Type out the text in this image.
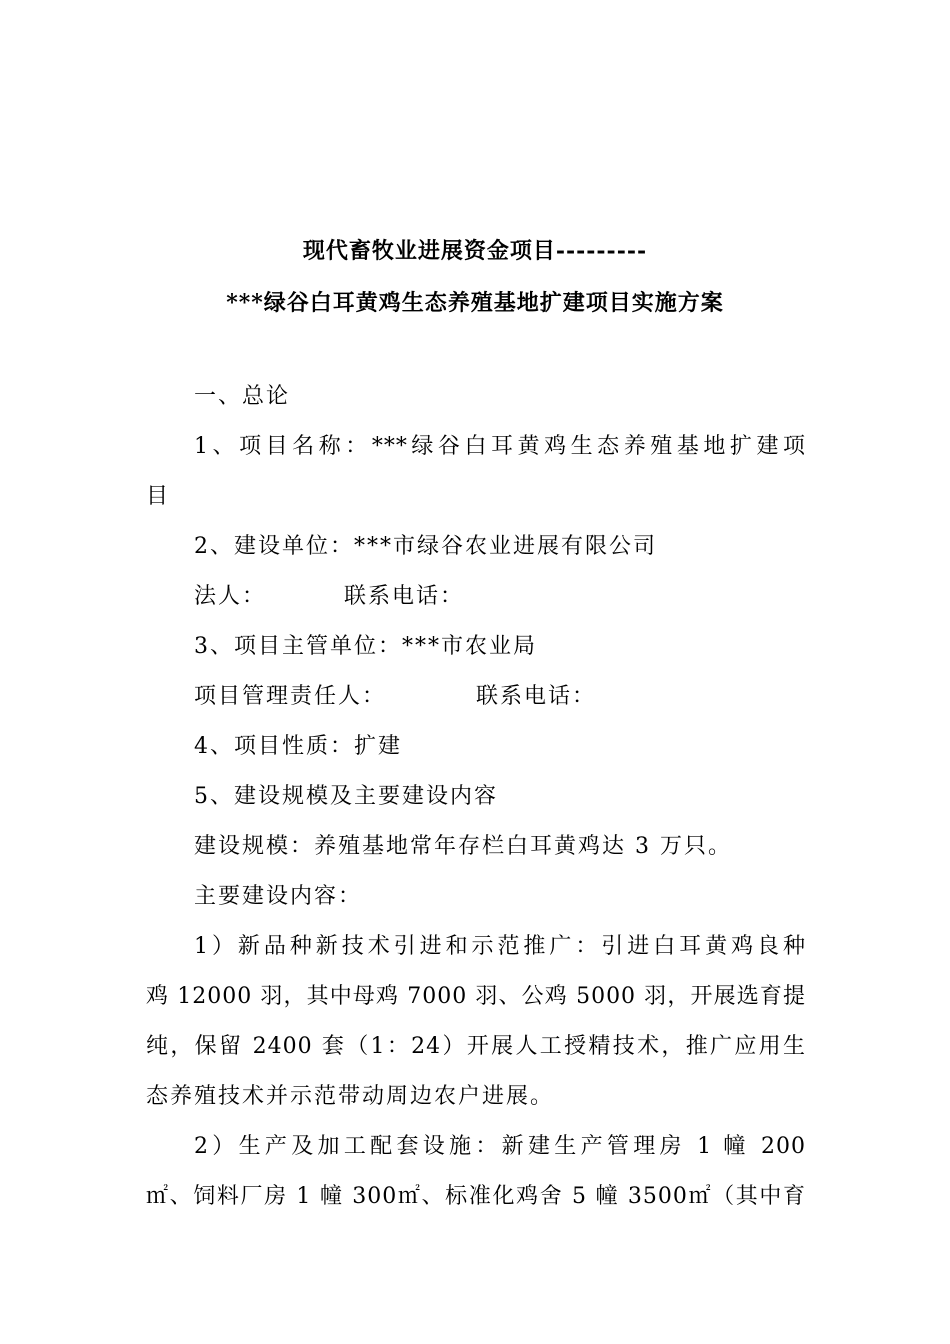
现代畜牧业进展资金项目---------
***绿谷白耳黄鸡生态养殖基地扩建项目实施方案
一、总论
1、项目名称：***绿谷白耳黄鸡生态养殖基地扩建项
目
2、建设单位：***市绿谷农业进展有限公司
法人：	联系电话：
3、项目主管单位：***市农业局
项目管理责任人：	联系电话：
4、项目性质：扩建
5、建设规模及主要建设内容
建设规模：养殖基地常年存栏白耳黄鸡达 3 万只。
主要建设内容：
1）新品种新技术引进和示范推广：引进白耳黄鸡良种
鸡 12000 羽，其中母鸡 7000 羽、公鸡 5000 羽，开展选育提
纯，保留 2400 套（1：24）开展人工授精技术，推广应用生
态养殖技术并示范带动周边农户进展。
2）生产及加工配套设施：新建生产管理房 1 幢 200
㎡、饲料厂房 1 幢 300㎡、标准化鸡舍 5 幢 3500㎡（其中育
